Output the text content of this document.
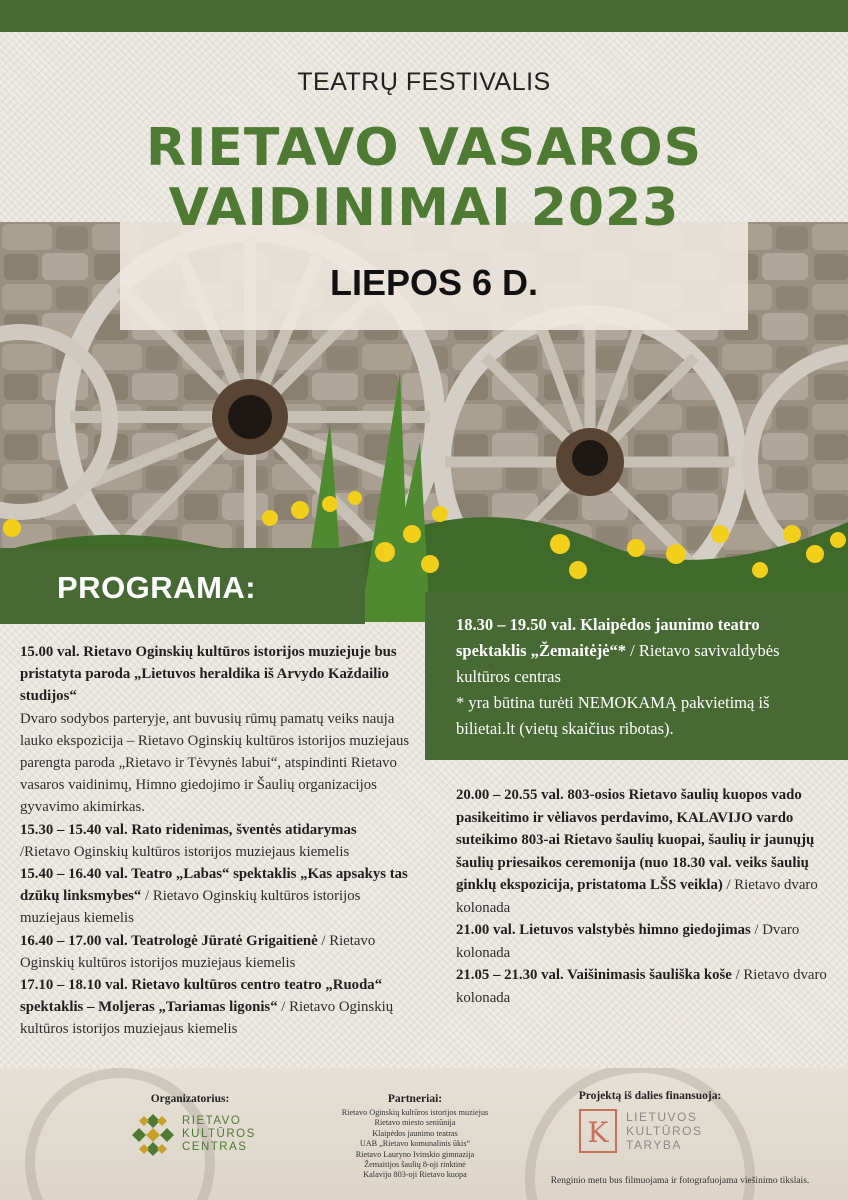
TEATRŲ FESTIVALIS
RIETAVO VASAROS
VAIDINIMAI 2023
LIEPOS 6 D.
PROGRAMA:

15.00 val. Rietavo Oginskių kultūros istorijos muziejuje bus pristatyta paroda „Lietuvos heraldika iš Arvydo Každailio studijos“
Dvaro sodybos parteryje, ant buvusių rūmų pamatų veiks nauja lauko ekspozicija – Rietavo Oginskių kultūros istorijos muziejaus parengta paroda „Rietavo ir Tėvynės labui“, atspindinti Rietavo vasaros vaidinimų, Himno giedojimo ir Šaulių organizacijos gyvavimo akimirkas.

15.30 – 15.40 val. Rato ridenimas, šventės atidarymas
/Rietavo Oginskių kultūros istorijos muziejaus kiemelis

15.40 – 16.40 val. Teatro „Labas“ spektaklis „Kas apsakys tas dzūkų linksmybes“ / Rietavo Oginskių kultūros istorijos muziejaus kiemelis

16.40 – 17.00 val. Teatrologė Jūratė Grigaitienė / Rietavo Oginskių kultūros istorijos muziejaus kiemelis

17.10 – 18.10 val. Rietavo kultūros centro teatro „Ruoda“ spektaklis – Moljeras „Tariamas ligonis“ / Rietavo Oginskių kultūros istorijos muziejaus kiemelis

18.30 – 19.50 val. Klaipėdos jaunimo teatro spektaklis „Žemaitėjė“* / Rietavo savivaldybės kultūros centras
* yra būtina turėti NEMOKAMĄ pakvietimą iš bilietai.lt (vietų skaičius ribotas).

20.00 – 20.55 val. 803-osios Rietavo šaulių kuopos vado pasikeitimo ir vėliavos perdavimo, KALAVIJO vardo suteikimo 803-ai Rietavo šaulių kuopai, šaulių ir jaunųjų šaulių priesaikos ceremonija (nuo 18.30 val. veiks šaulių ginklų ekspozicija, pristatoma LŠS veikla) / Rietavo dvaro kolonada

21.00 val. Lietuvos valstybės himno giedojimas / Dvaro kolonada

21.05 – 21.30 val. Vaišinimasis šauliška koše / Rietavo dvaro kolonada

Organizatorius:
RIETAVO
KULTŪROS
CENTRAS
Partneriai:
Rietavo Oginskių kultūros istorijos muziejus
Rietavo miesto seniūnija
Klaipėdos jaunimo teatras
UAB „Rietavo komunalinis ūkis“
Rietavo Lauryno Ivinskio gimnazija
Žemaitijos šaulių 8-oji rinktinė
Kalavijo 803-oji Rietavo kuopa
Projektą iš dalies finansuoja:
K LIETUVOS
KULTŪROS
TARYBA
Renginio metu bus filmuojama ir fotografuojama viešinimo tikslais.
